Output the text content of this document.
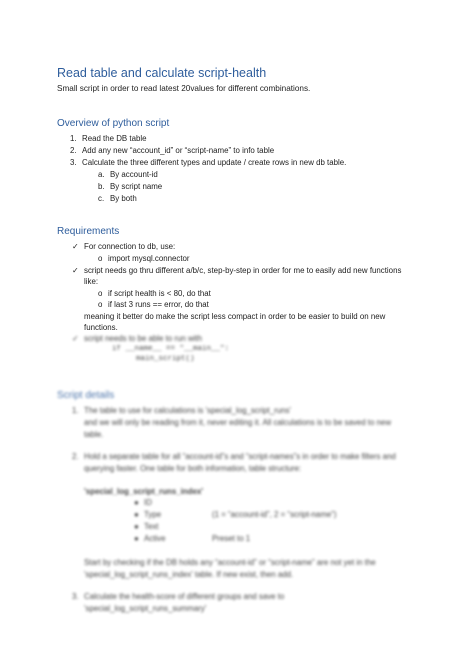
Read table and calculate script-health
Small script in order to read latest 20values for different combinations.
Overview of python script
1. Read the DB table
2. Add any new “account_id” or “script-name” to info table
3. Calculate the three different types and update / create rows in new db table.
a. By account-id
b. By script name
c. By both
Requirements
✓ For connection to db, use:
o import mysql.connector
✓ script needs go thru different a/b/c, step-by-step in order for me to easily add new functions
like:
o if script health is < 80, do that
o if last 3 runs == error, do that
meaning it better do make the script less compact in order to be easier to build on new
functions.
✓ script needs to be able to run with
if __name__ == "__main__":
main_script()
Script details
1. The table to use for calculations is 'special_log_script_runs'
and we will only be reading from it, never editing it. All calculations is to be saved to new
table.
2. Hold a separate table for all “account-id”s and “script-names”s in order to make filters and
querying faster. One table for both information, table structure:
'special_log_script_runs_index'
● ID
● Type	(1 = “account-id”, 2 = “script-name”)
● Text
● Active	Preset to 1
Start by checking if the DB holds any “account-id” or “script-name” are not yet in the
'special_log_script_runs_index' table. If new exist, then add.
3. Calculate the health-score of different groups and save to
'special_log_script_runs_summary'
